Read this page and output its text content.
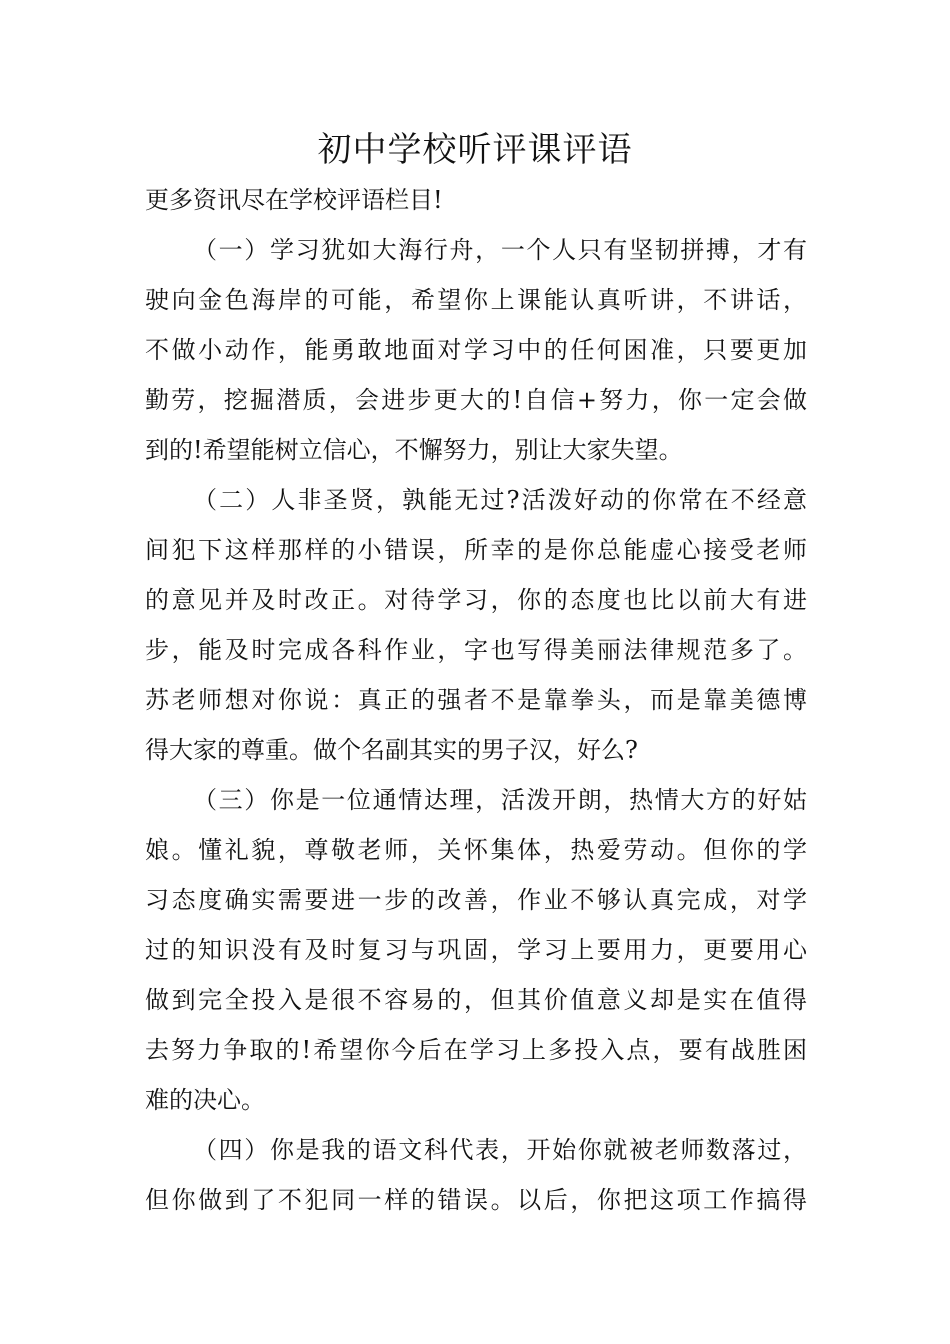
初中学校听评课评语

更多资讯尽在学校评语栏目!

（一）学习犹如大海行舟，一个人只有坚韧拼搏，才有
驶向金色海岸的可能，希望你上课能认真听讲，不讲话，
不做小动作，能勇敢地面对学习中的任何困准，只要更加
勤劳，挖掘潜质，会进步更大的!自信+努力，你一定会做
到的!希望能树立信心，不懈努力，别让大家失望。
（二）人非圣贤，孰能无过?活泼好动的你常在不经意
间犯下这样那样的小错误，所幸的是你总能虚心接受老师
的意见并及时改正。对待学习，你的态度也比以前大有进
步，能及时完成各科作业，字也写得美丽法律规范多了。
苏老师想对你说：真正的强者不是靠拳头，而是靠美德博
得大家的尊重。做个名副其实的男子汉，好么?
（三）你是一位通情达理，活泼开朗，热情大方的好姑
娘。懂礼貌，尊敬老师，关怀集体，热爱劳动。但你的学
习态度确实需要进一步的改善，作业不够认真完成，对学
过的知识没有及时复习与巩固，学习上要用力，更要用心
做到完全投入是很不容易的，但其价值意义却是实在值得
去努力争取的!希望你今后在学习上多投入点，要有战胜困
难的决心。
（四）你是我的语文科代表，开始你就被老师数落过，
但你做到了不犯同一样的错误。以后，你把这项工作搞得
